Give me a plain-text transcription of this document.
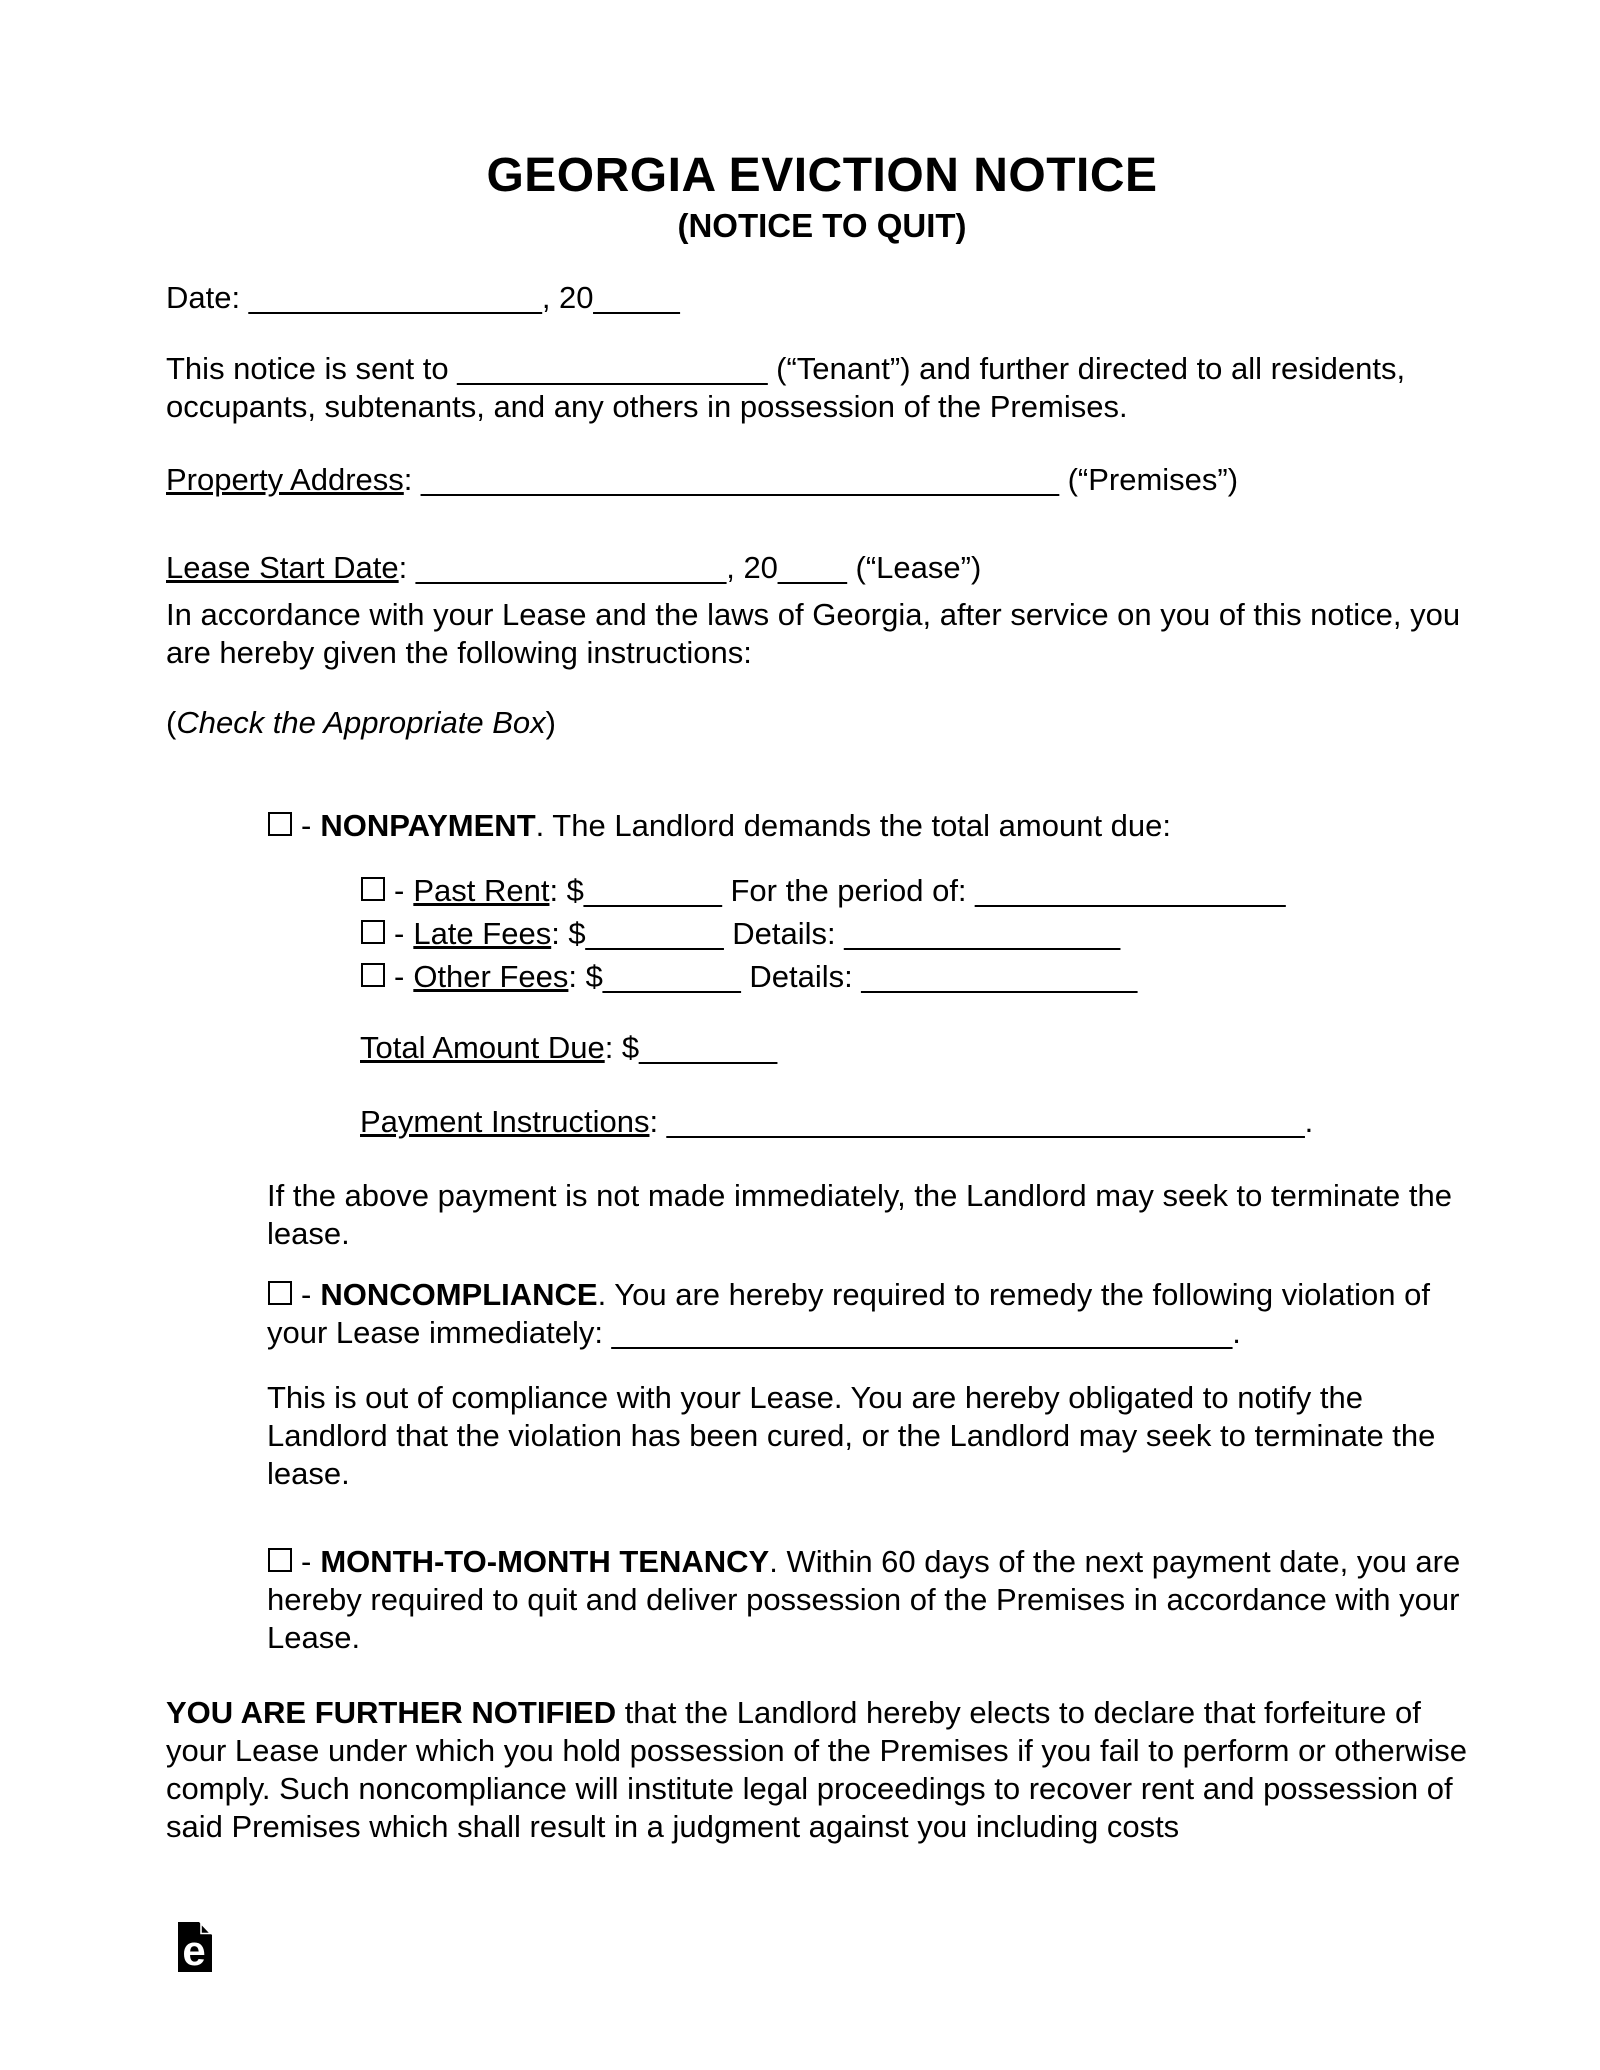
GEORGIA EVICTION NOTICE
(NOTICE TO QUIT)
Date: _________________, 20_____
This notice is sent to __________________ (“Tenant”) and further directed to all residents, occupants, subtenants, and any others in possession of the Premises.
Property Address: _____________________________________ (“Premises”)
Lease Start Date: __________________, 20____ (“Lease”)
In accordance with your Lease and the laws of Georgia, after service on you of this notice, you are hereby given the following instructions:
(Check the Appropriate Box)
- NONPAYMENT. The Landlord demands the total amount due:
- Past Rent: $________ For the period of: __________________
- Late Fees: $________ Details: ________________
- Other Fees: $________ Details: ________________
Total Amount Due: $________
Payment Instructions: _____________________________________.
If the above payment is not made immediately, the Landlord may seek to terminate the lease.
- NONCOMPLIANCE. You are hereby required to remedy the following violation of your Lease immediately: ____________________________________.
This is out of compliance with your Lease. You are hereby obligated to notify the Landlord that the violation has been cured, or the Landlord may seek to terminate the lease.
- MONTH-TO-MONTH TENANCY. Within 60 days of the next payment date, you are hereby required to quit and deliver possession of the Premises in accordance with your Lease.
YOU ARE FURTHER NOTIFIED that the Landlord hereby elects to declare that forfeiture of your Lease under which you hold possession of the Premises if you fail to perform or otherwise comply. Such noncompliance will institute legal proceedings to recover rent and possession of said Premises which shall result in a judgment against you including costs
e
